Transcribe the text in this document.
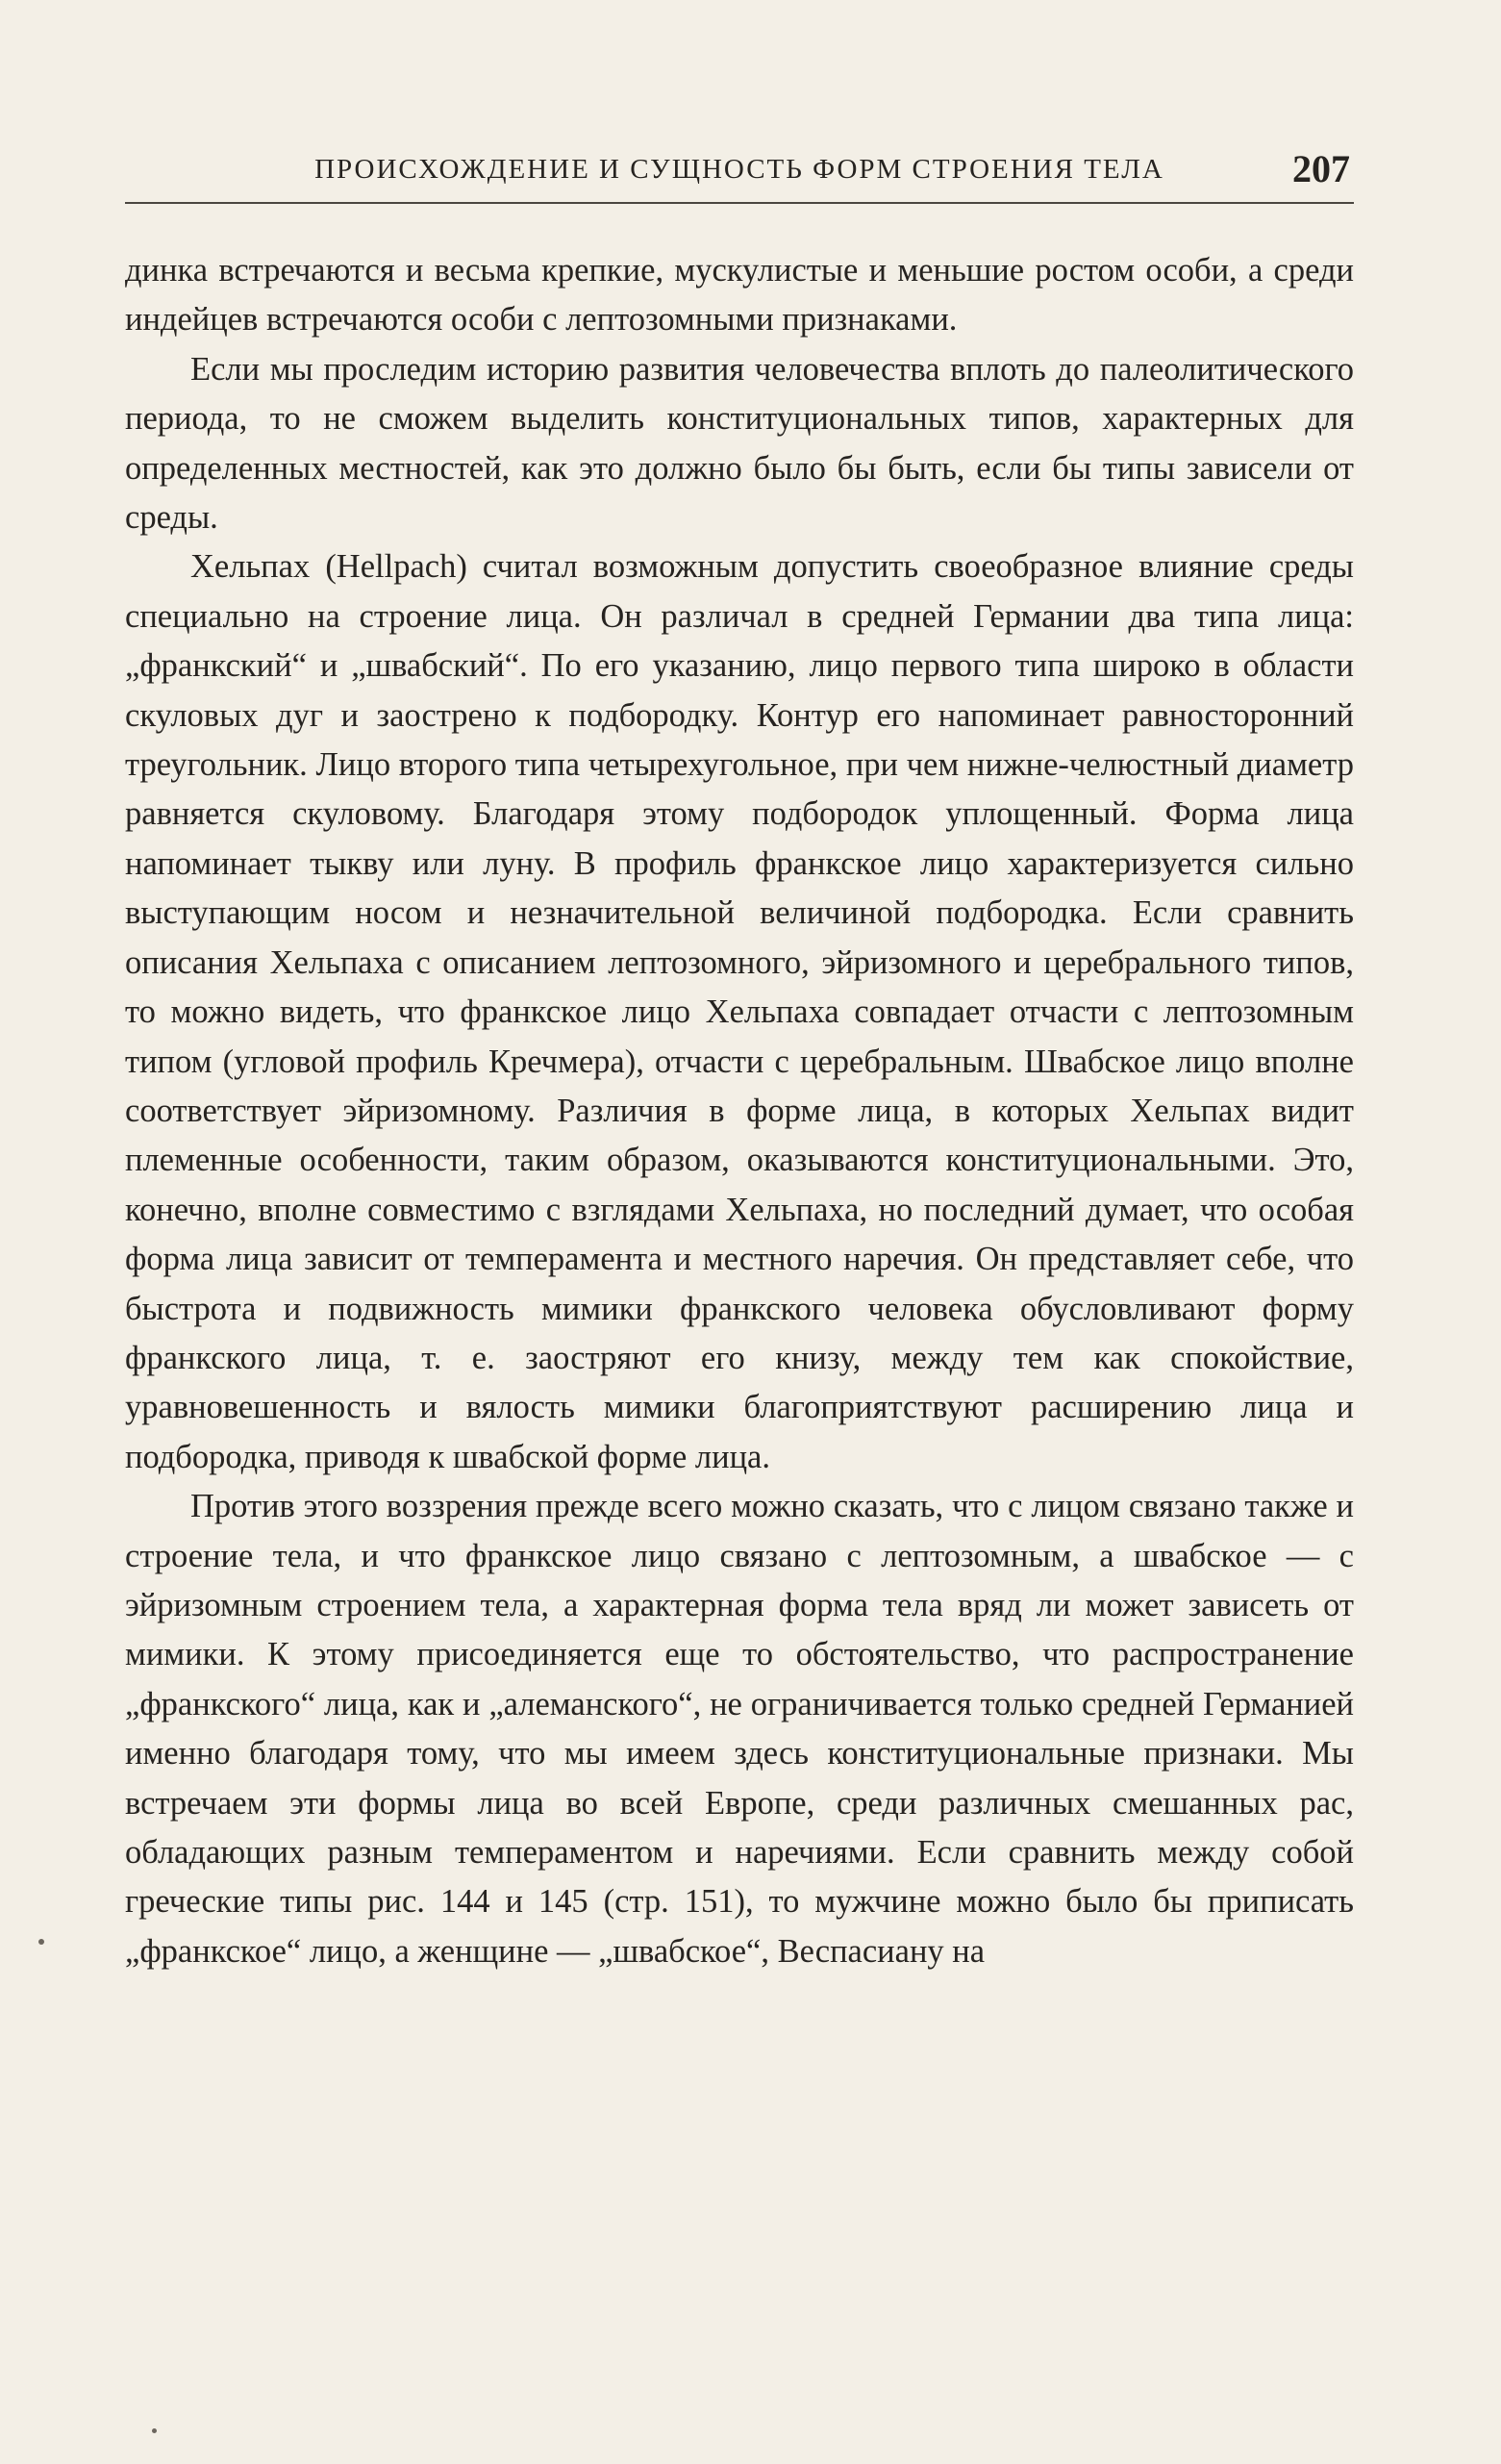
ПРОИСХОЖДЕНИЕ И СУЩНОСТЬ ФОРМ СТРОЕНИЯ ТЕЛА	207

динка встречаются и весьма крепкие, мускулистые и меньшие ростом особи, а среди индейцев встречаются особи с лептозомными признаками.

Если мы проследим историю развития человечества вплоть до палеолитического периода, то не сможем выделить конституциональных типов, характерных для определенных местностей, как это должно было бы быть, если бы типы зависели от среды.

Хельпах (Hellpach) считал возможным допустить своеобразное влияние среды специально на строение лица. Он различал в средней Германии два типа лица: „франкский“ и „швабский“. По его указанию, лицо первого типа широко в области скуловых дуг и заострено к подбородку. Контур его напоминает равносторонний треугольник. Лицо второго типа четырехугольное, при чем нижне-челюстный диаметр равняется скуловому. Благодаря этому подбородок уплощенный. Форма лица напоминает тыкву или луну. В профиль франкское лицо характеризуется сильно выступающим носом и незначительной величиной подбородка. Если сравнить описания Хельпаха с описанием лептозомного, эйризомного и церебрального типов, то можно видеть, что франкское лицо Хельпаха совпадает отчасти с лептозомным типом (угловой профиль Кречмера), отчасти с церебральным. Швабское лицо вполне соответствует эйризомному. Различия в форме лица, в которых Хельпах видит племенные особенности, таким образом, оказываются конституциональными. Это, конечно, вполне совместимо с взглядами Хельпаха, но последний думает, что особая форма лица зависит от темперамента и местного наречия. Он представляет себе, что быстрота и подвижность мимики франкского человека обусловливают форму франкского лица, т. е. заостряют его книзу, между тем как спокойствие, уравновешенность и вялость мимики благоприятствуют расширению лица и подбородка, приводя к швабской форме лица.

Против этого воззрения прежде всего можно сказать, что с лицом связано также и строение тела, и что франкское лицо связано с лептозомным, а швабское — с эйризомным строением тела, а характерная форма тела вряд ли может зависеть от мимики. К этому присоединяется еще то обстоятельство, что распространение „франкского“ лица, как и „алеманского“, не ограничивается только средней Германией именно благодаря тому, что мы имеем здесь конституциональные признаки. Мы встречаем эти формы лица во всей Европе, среди различных смешанных рас, обладающих разным темпераментом и наречиями. Если сравнить между собой греческие типы рис. 144 и 145 (стр. 151), то мужчине можно было бы приписать „франкское“ лицо, а женщине — „швабское“, Веспасиану на
